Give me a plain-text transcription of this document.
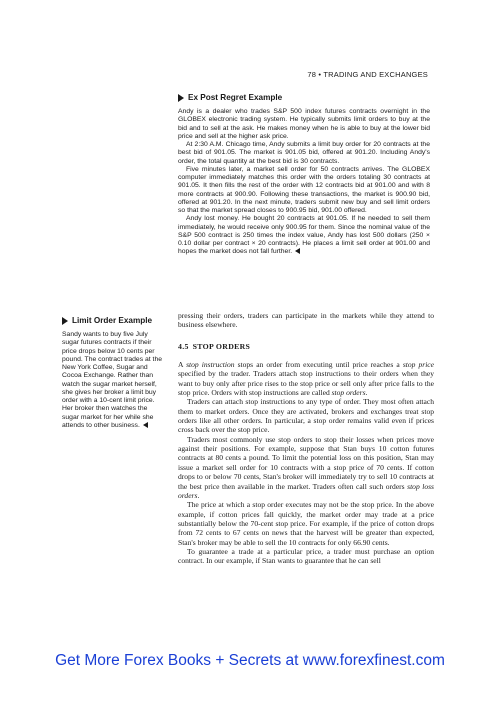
78 • TRADING AND EXCHANGES
Ex Post Regret Example

Andy is a dealer who trades S&P 500 index futures contracts overnight in the GLOBEX electronic trading system. He typically submits limit orders to buy at the bid and to sell at the ask. He makes money when he is able to buy at the lower bid price and sell at the higher ask price.

At 2:30 A.M. Chicago time, Andy submits a limit buy order for 20 contracts at the best bid of 901.05. The market is 901.05 bid, offered at 901.20. Including Andy's order, the total quantity at the best bid is 30 contracts.

Five minutes later, a market sell order for 50 contracts arrives. The GLOBEX computer immediately matches this order with the orders totaling 30 contracts at 901.05. It then fills the rest of the order with 12 contracts bid at 901.00 and with 8 more contracts at 900.90. Following these transactions, the market is 900.90 bid, offered at 901.20. In the next minute, traders submit new buy and sell limit orders so that the market spread closes to 900.95 bid, 901.00 offered.

Andy lost money. He bought 20 contracts at 901.05. If he needed to sell them immediately, he would receive only 900.95 for them. Since the nominal value of the S&P 500 contract is 250 times the index value, Andy has lost 500 dollars (250 × 0.10 dollar per contract × 20 contracts). He places a limit sell order at 901.00 and hopes the market does not fall further.

Limit Order Example

Sandy wants to buy five July sugar futures contracts if their price drops below 10 cents per pound. The contract trades at the New York Coffee, Sugar and Cocoa Exchange. Rather than watch the sugar market herself, she gives her broker a limit buy order with a 10-cent limit price. Her broker then watches the sugar market for her while she attends to other business.

pressing their orders, traders can participate in the markets while they attend to business elsewhere.

4.5 STOP ORDERS

A stop instruction stops an order from executing until price reaches a stop price specified by the trader. Traders attach stop instructions to their orders when they want to buy only after price rises to the stop price or sell only after price falls to the stop price. Orders with stop instructions are called stop orders.

Traders can attach stop instructions to any type of order. They most often attach them to market orders. Once they are activated, brokers and exchanges treat stop orders like all other orders. In particular, a stop order remains valid even if prices cross back over the stop price.

Traders most commonly use stop orders to stop their losses when prices move against their positions. For example, suppose that Stan buys 10 cotton futures contracts at 80 cents a pound. To limit the potential loss on this position, Stan may issue a market sell order for 10 contracts with a stop price of 70 cents. If cotton drops to or below 70 cents, Stan's broker will immediately try to sell 10 contracts at the best price then available in the market. Traders often call such orders stop loss orders.

The price at which a stop order executes may not be the stop price. In the above example, if cotton prices fall quickly, the market order may trade at a price substantially below the 70-cent stop price. For example, if the price of cotton drops from 72 cents to 67 cents on news that the harvest will be greater than expected, Stan's broker may be able to sell the 10 contracts for only 66.90 cents.

To guarantee a trade at a particular price, a trader must purchase an option contract. In our example, if Stan wants to guarantee that he can sell

Get More Forex Books + Secrets at www.forexfinest.com
